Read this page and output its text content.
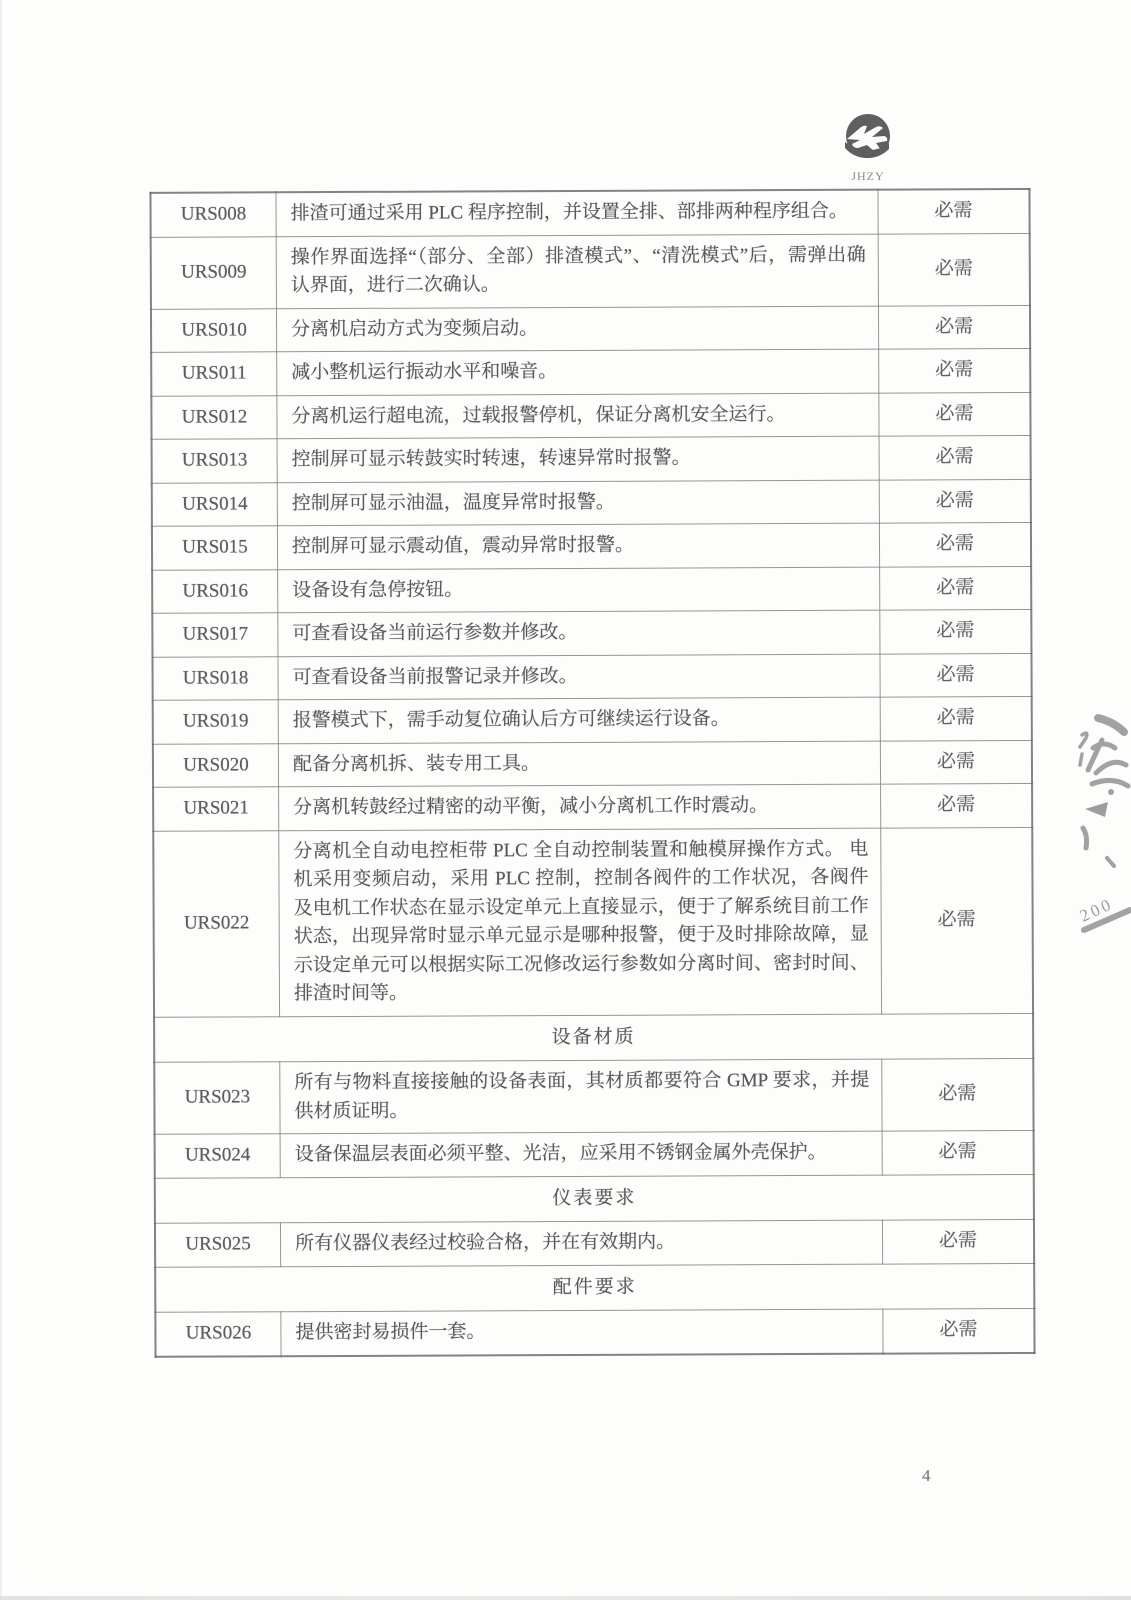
JHZY
URS008	排渣可通过采用 PLC 程序控制，并设置全排、部排两种程序组合。	必需
URS009	操作界面选择“（部分、全部）排渣模式”、“清洗模式”后，需弹出确认界面，进行二次确认。	必需
URS010	分离机启动方式为变频启动。	必需
URS011	减小整机运行振动水平和噪音。	必需
URS012	分离机运行超电流，过载报警停机，保证分离机安全运行。	必需
URS013	控制屏可显示转鼓实时转速，转速异常时报警。	必需
URS014	控制屏可显示油温，温度异常时报警。	必需
URS015	控制屏可显示震动值，震动异常时报警。	必需
URS016	设备设有急停按钮。	必需
URS017	可查看设备当前运行参数并修改。	必需
URS018	可查看设备当前报警记录并修改。	必需
URS019	报警模式下，需手动复位确认后方可继续运行设备。	必需
URS020	配备分离机拆、装专用工具。	必需
URS021	分离机转鼓经过精密的动平衡，减小分离机工作时震动。	必需
URS022	分离机全自动电控柜带 PLC 全自动控制装置和触模屏操作方式。 电机采用变频启动，采用 PLC 控制，控制各阀件的工作状况，各阀件及电机工作状态在显示设定单元上直接显示，便于了解系统目前工作状态，出现异常时显示单元显示是哪种报警，便于及时排除故障，显示设定单元可以根据实际工况修改运行参数如分离时间、密封时间、排渣时间等。	必需
设备材质		
URS023	所有与物料直接接触的设备表面，其材质都要符合 GMP 要求，并提供材质证明。	必需
URS024	设备保温层表面必须平整、光洁，应采用不锈钢金属外壳保护。	必需
仪表要求		
URS025	所有仪器仪表经过校验合格，并在有效期内。	必需
配件要求		
URS026	提供密封易损件一套。	必需
200
4
